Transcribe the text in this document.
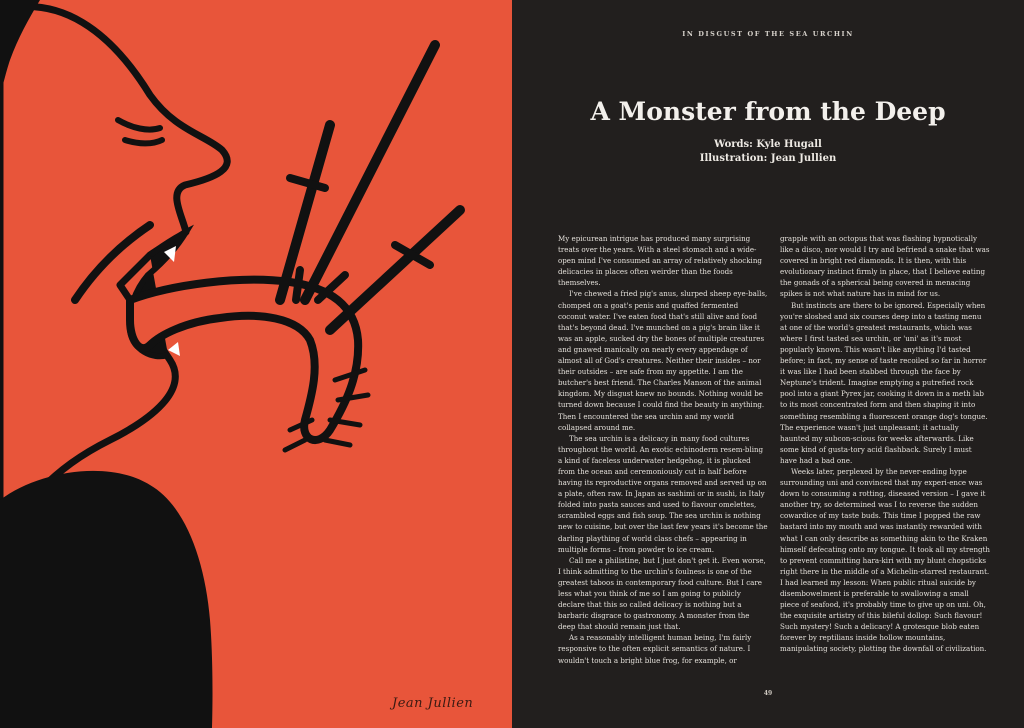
Jean Jullien
IN DISGUST OF THE SEA URCHIN
A Monster from the Deep
Words: Kyle Hugall
Illustration: Jean Jullien

My epicurean intrigue has produced many surprising treats over the years. With a steel stomach and a wide-open mind I've consumed an array of relatively shocking delicacies in places often weirder than the foods themselves.

I've chewed a fried pig's anus, slurped sheep eye-balls, chomped on a goat's penis and quaffed fermented coconut water. I've eaten food that's still alive and food that's beyond dead. I've munched on a pig's brain like it was an apple, sucked dry the bones of multiple creatures and gnawed manically on nearly every appendage of almost all of God's creatures. Neither their insides – nor their outsides – are safe from my appetite. I am the butcher's best friend. The Charles Manson of the animal kingdom. My disgust knew no bounds. Nothing would be turned down because I could find the beauty in anything. Then I encountered the sea urchin and my world collapsed around me.

The sea urchin is a delicacy in many food cultures throughout the world. An exotic echinoderm resem-bling a kind of faceless underwater hedgehog, it is plucked from the ocean and ceremoniously cut in half before having its reproductive organs removed and served up on a plate, often raw. In Japan as sashimi or in sushi, in Italy folded into pasta sauces and used to flavour omelettes, scrambled eggs and fish soup. The sea urchin is nothing new to cuisine, but over the last few years it's become the darling plaything of world class chefs – appearing in multiple forms – from powder to ice cream.

Call me a philistine, but I just don't get it. Even worse, I think admitting to the urchin's foulness is one of the greatest taboos in contemporary food culture. But I care less what you think of me so I am going to publicly declare that this so called delicacy is nothing but a barbaric disgrace to gastronomy. A monster from the deep that should remain just that.

As a reasonably intelligent human being, I'm fairly responsive to the often explicit semantics of nature. I wouldn't touch a bright blue frog, for example, or

grapple with an octopus that was flashing hypnotically like a disco, nor would I try and befriend a snake that was covered in bright red diamonds. It is then, with this evolutionary instinct firmly in place, that I believe eating the gonads of a spherical being covered in menacing spikes is not what nature has in mind for us.

But instincts are there to be ignored. Especially when you're sloshed and six courses deep into a tasting menu at one of the world's greatest restaurants, which was where I first tasted sea urchin, or 'uni' as it's most popularly known. This wasn't like anything I'd tasted before; in fact, my sense of taste recoiled so far in horror it was like I had been stabbed through the face by Neptune's trident. Imagine emptying a putrefied rock pool into a giant Pyrex jar, cooking it down in a meth lab to its most concentrated form and then shaping it into something resembling a fluorescent orange dog's tongue. The experience wasn't just unpleasant; it actually haunted my subcon-scious for weeks afterwards. Like some kind of gusta-tory acid flashback. Surely I must have had a bad one.

Weeks later, perplexed by the never-ending hype surrounding uni and convinced that my experi-ence was down to consuming a rotting, diseased version – I gave it another try, so determined was I to reverse the sudden cowardice of my taste buds. This time I popped the raw bastard into my mouth and was instantly rewarded with what I can only describe as something akin to the Kraken himself defecating onto my tongue. It took all my strength to prevent committing hara-kiri with my blunt chopsticks right there in the middle of a Michelin-starred restaurant. I had learned my lesson: When public ritual suicide by disembowelment is preferable to swallowing a small piece of seafood, it's probably time to give up on uni. Oh, the exquisite artistry of this bileful dollop: Such flavour! Such mystery! Such a delicacy! A grotesque blob eaten forever by reptilians inside hollow mountains, manipulating society, plotting the downfall of civilization.

49
